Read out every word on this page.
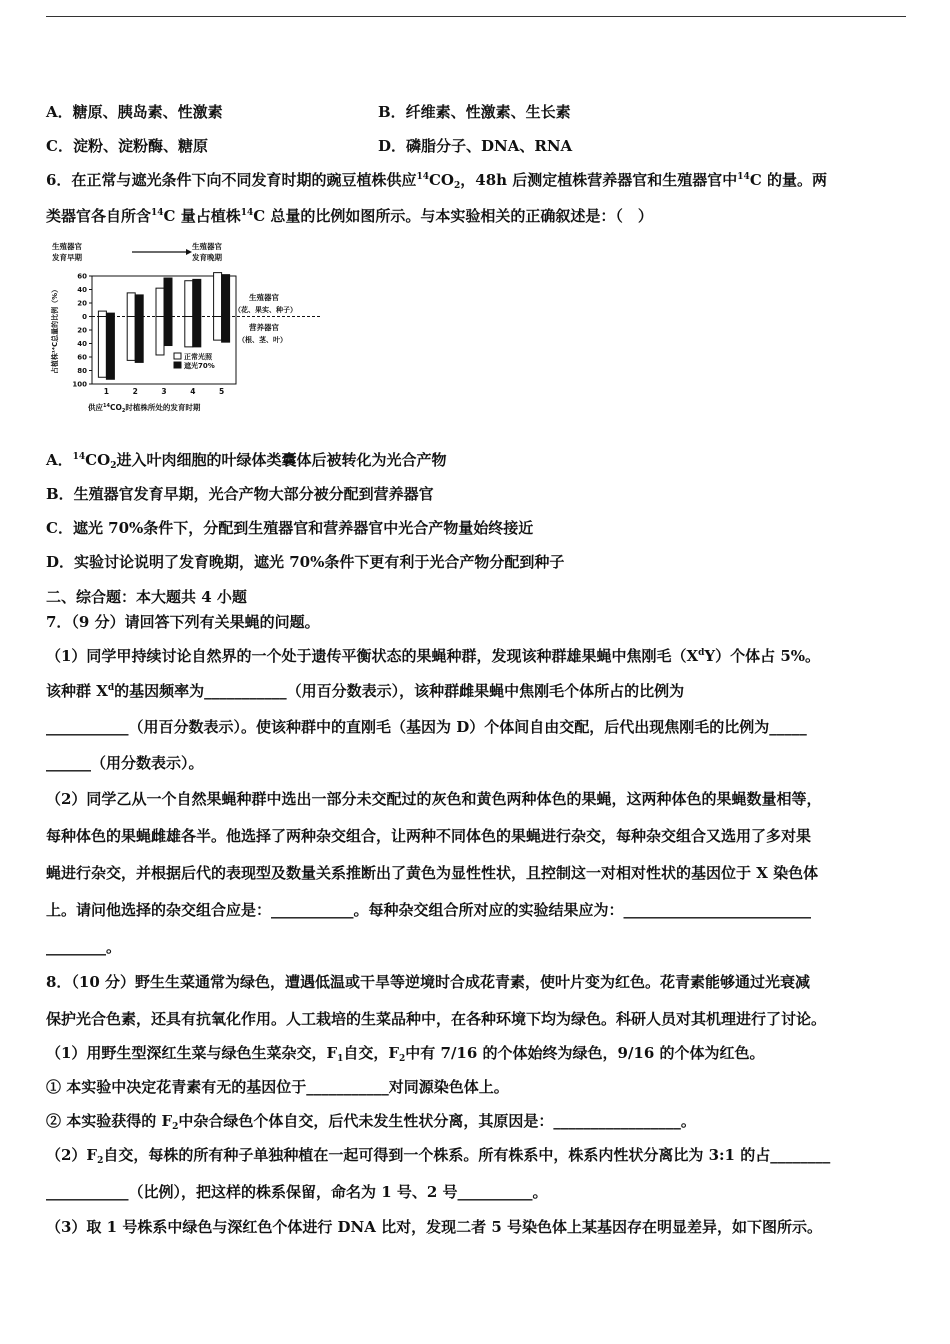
A．糖原、胰岛素、性激素	B．纤维素、性激素、生长素
C．淀粉、淀粉酶、糖原	D．磷脂分子、DNA、RNA
6．在正常与遮光条件下向不同发育时期的豌豆植株供应$^{14}CO_2$，48h 后测定植株营养器官和生殖器官中$^{14}$C 的量。两
类器官各自所含$^{14}$C 量占植株$^{14}$C 总量的比例如图所示。与本实验相关的正确叙述是：（　）
生殖器官
发育早期
生殖器官
发育晚期
60
40
20
0
20
40
60
80
100
占植株¹⁴C总量的比例（%）	生殖器官
（花、果实、种子）
营养器官
（根、茎、叶）
1	2	3	4	5
正常光照
遮光70%
供应$^{14}CO_2$时植株所处的发育时期
A．$^{14}CO_2$进入叶肉细胞的叶绿体类囊体后被转化为光合产物
B．生殖器官发育早期，光合产物大部分被分配到营养器官
C．遮光 70%条件下，分配到生殖器官和营养器官中光合产物量始终接近
D．实验讨论说明了发育晚期，遮光 70%条件下更有利于光合产物分配到种子
二、综合题：本大题共 4 小题
7．（9 分）请回答下列有关果蝇的问题。
（1）同学甲持续讨论自然界的一个处于遗传平衡状态的果蝇种群，发现该种群雄果蝇中焦刚毛$(X^dY)$个体占 5%。
该种群 $X^d$的基因频率为___________（用百分数表示），该种群雌果蝇中焦刚毛个体所占的比例为
___________（用百分数表示）。使该种群中的直刚毛（基因为 D）个体间自由交配，后代出现焦刚毛的比例为_____
______（用分数表示）。
（2）同学乙从一个自然果蝇种群中选出一部分未交配过的灰色和黄色两种体色的果蝇，这两种体色的果蝇数量相等，
每种体色的果蝇雌雄各半。他选择了两种杂交组合，让两种不同体色的果蝇进行杂交，每种杂交组合又选用了多对果
蝇进行杂交，并根据后代的表现型及数量关系推断出了黄色为显性性状，且控制这一对相对性状的基因位于 X 染色体
上。请问他选择的杂交组合应是：___________。每种杂交组合所对应的实验结果应为：_________________________
________。
8．（10 分）野生生菜通常为绿色，遭遇低温或干旱等逆境时合成花青素，使叶片变为红色。花青素能够通过光衰减
保护光合色素，还具有抗氧化作用。人工栽培的生菜品种中，在各种环境下均为绿色。科研人员对其机理进行了讨论。
（1）用野生型深红生菜与绿色生菜杂交，$F_1$自交，$F_2$中有 7/16 的个体始终为绿色，9/16 的个体为红色。
① 本实验中决定花青素有无的基因位于___________对同源染色体上。
② 本实验获得的 $F_2$中杂合绿色个体自交，后代未发生性状分离，其原因是：_________________。
$(2)F_2$自交，每株的所有种子单独种植在一起可得到一个株系。所有株系中，株系内性状分离比为 3:1 的占________
___________（比例），把这样的株系保留，命名为 1 号、2 号__________。
（3）取 1 号株系中绿色与深红色个体进行 DNA 比对，发现二者 5 号染色体上某基因存在明显差异，如下图所示。
